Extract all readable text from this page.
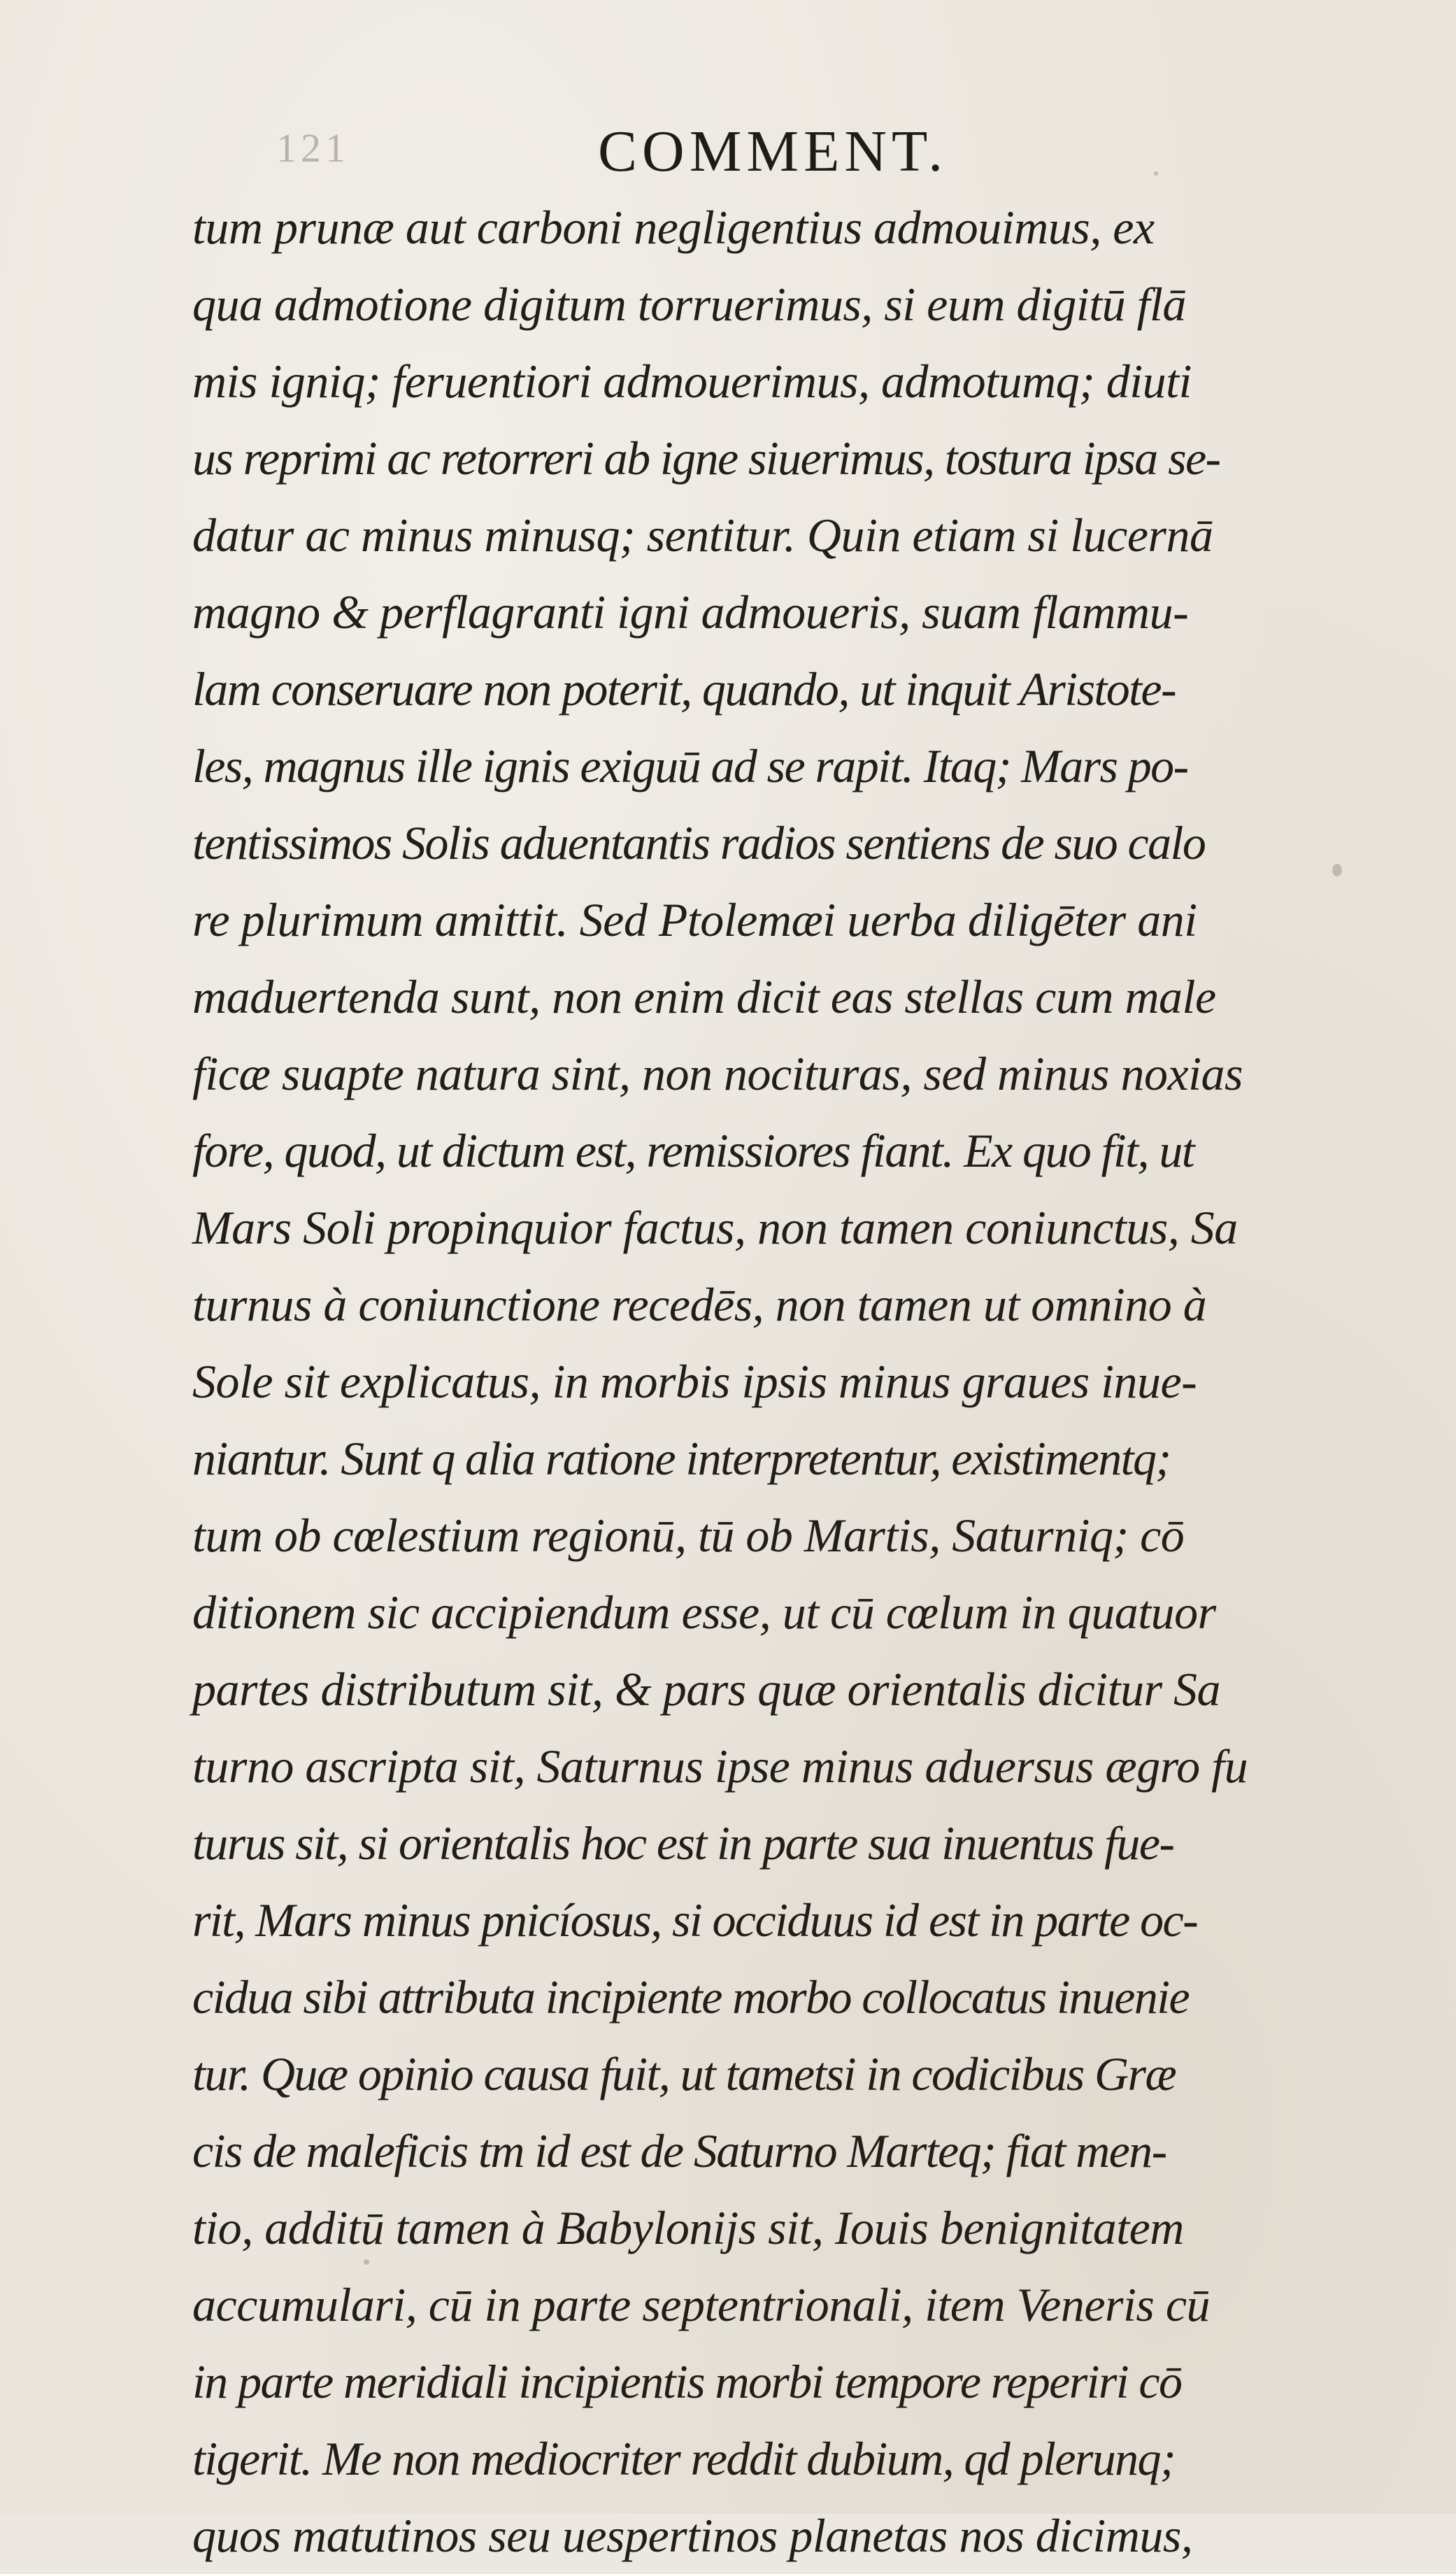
121	COMMENT.
tum prunæ aut carboni negligentius admouimus, ex
qua admotione digitum torruerimus, si eum digitū flā
mis igniq; feruentiori admouerimus, admotumq; diuti
us reprimi ac retorreri ab igne siuerimus, tostura ipsa se-
datur ac minus minusq; sentitur. Quin etiam si lucernā
magno & perflagranti igni admoueris, suam flammu-
lam conseruare non poterit, quando, ut inquit Aristote-
les, magnus ille ignis exiguū ad se rapit. Itaq; Mars po-
tentissimos Solis aduentantis radios sentiens de suo calo
re plurimum amittit. Sed Ptolemæi uerba diligēter ani
maduertenda sunt, non enim dicit eas stellas cum male
ficæ suapte natura sint, non nocituras, sed minus noxias
fore, quod, ut dictum est, remissiores fiant. Ex quo fit, ut
Mars Soli propinquior factus, non tamen coniunctus, Sa
turnus à coniunctione recedēs, non tamen ut omnino à
Sole sit explicatus, in morbis ipsis minus graues inue-
niantur. Sunt q alia ratione interpretentur, existimentq;
tum ob cœlestium regionū, tū ob Martis, Saturniq; cō
ditionem sic accipiendum esse, ut cū cœlum in quatuor
partes distributum sit, & pars quæ orientalis dicitur Sa
turno ascripta sit, Saturnus ipse minus aduersus ægro fu
turus sit, si orientalis hoc est in parte sua inuentus fue-
rit, Mars minus pnicíosus, si occiduus id est in parte oc-
cidua sibi attributa incipiente morbo collocatus inuenie
tur. Quæ opinio causa fuit, ut tametsi in codicibus Græ
cis de maleficis tm id est de Saturno Marteq; fiat men-
tio, additū tamen à Babylonijs sit, Iouis benignitatem
accumulari, cū in parte septentrionali, item Veneris cū
in parte meridiali incipientis morbi tempore reperiri cō
tigerit. Me non mediocriter reddit dubium, qd plerunq;
quos matutinos seu uespertinos planetas nos dicimus,
